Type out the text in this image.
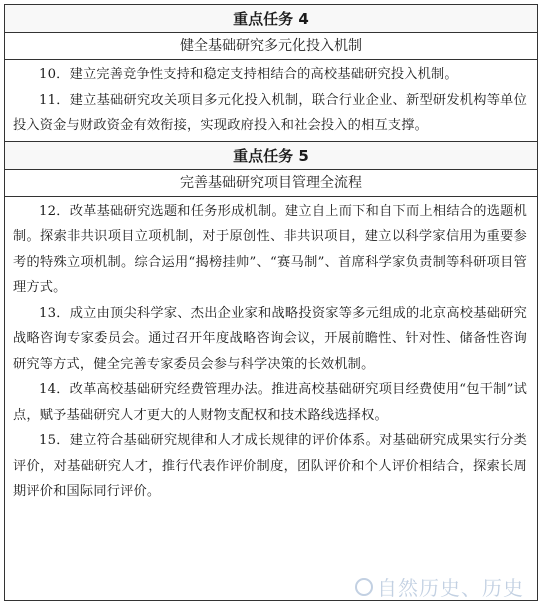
重点任务 4
健全基础研究多元化投入机制

10．建立完善竞争性支持和稳定支持相结合的高校基础研究投入机制。

11．建立基础研究攻关项目多元化投入机制，联合行业企业、新型研发机构等单位投入资金与财政资金有效衔接，实现政府投入和社会投入的相互支撑。

重点任务 5
完善基础研究项目管理全流程

12．改革基础研究选题和任务形成机制。建立自上而下和自下而上相结合的选题机制。探索非共识项目立项机制，对于原创性、非共识项目，建立以科学家信用为重要参考的特殊立项机制。综合运用“揭榜挂帅”、“赛马制”、首席科学家负责制等科研项目管理方式。

13．成立由顶尖科学家、杰出企业家和战略投资家等多元组成的北京高校基础研究战略咨询专家委员会。通过召开年度战略咨询会议，开展前瞻性、针对性、储备性咨询研究等方式，健全完善专家委员会参与科学决策的长效机制。

14．改革高校基础研究经费管理办法。推进高校基础研究项目经费使用“包干制”试点，赋予基础研究人才更大的人财物支配权和技术路线选择权。

15．建立符合基础研究规律和人才成长规律的评价体系。对基础研究成果实行分类评价，对基础研究人才，推行代表作评价制度，团队评价和个人评价相结合，探索长周期评价和国际同行评价。

自然历史、历史
